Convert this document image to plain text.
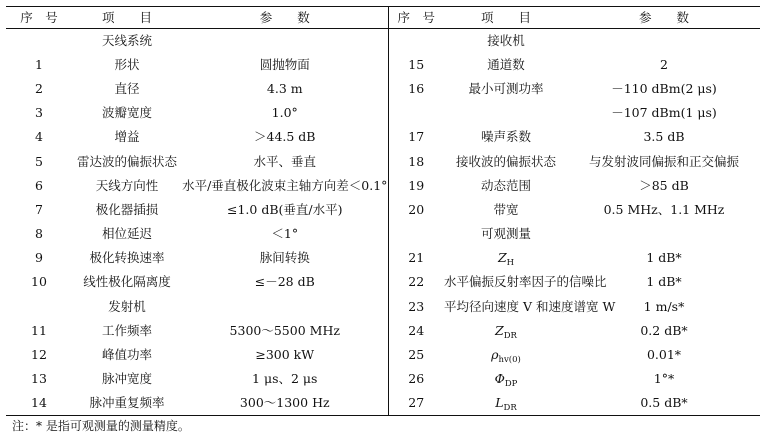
序　号	项　　目	参　　数	序　号	项　　目	参　　数
	天线系统			接收机	
1	形状	圆抛物面	15	通道数	2
2	直径	4.3 m	16	最小可测功率	－110 dBm(2 μs)
3	波瓣宽度	1.0°			－107 dBm(1 μs)
4	增益	＞44.5 dB	17	噪声系数	3.5 dB
5	雷达波的偏振状态	水平、垂直	18	接收波的偏振状态	与发射波同偏振和正交偏振
6	天线方向性	水平/垂直极化波束主轴方向差＜0.1°	19	动态范围	＞85 dB
7	极化器插损	≤1.0 dB(垂直/水平)	20	带宽	0.5 MHz、1.1 MHz
8	相位延迟	＜1°		可观测量	
9	极化转换速率	脉间转换	21	$Z_H$	1 dB*
10	线性极化隔离度	≤－28 dB	22	水平偏振反射率因子的信噪比	1 dB*
	发射机		23	平均径向速度 V 和速度谱宽 W	1 m/s*
11	工作频率	5300～5500 MHz	24	$Z_{DR}$	0.2 dB*
12	峰值功率	≥300 kW	25	$\rho_{hv(0)}$	0.01*
13	脉冲宽度	1 μs、2 μs	26	$\Phi_{DP}$	1°*
14	脉冲重复频率	300～1300 Hz	27	$L_{DR}$	0.5 dB*
注：* 是指可观测量的测量精度。
